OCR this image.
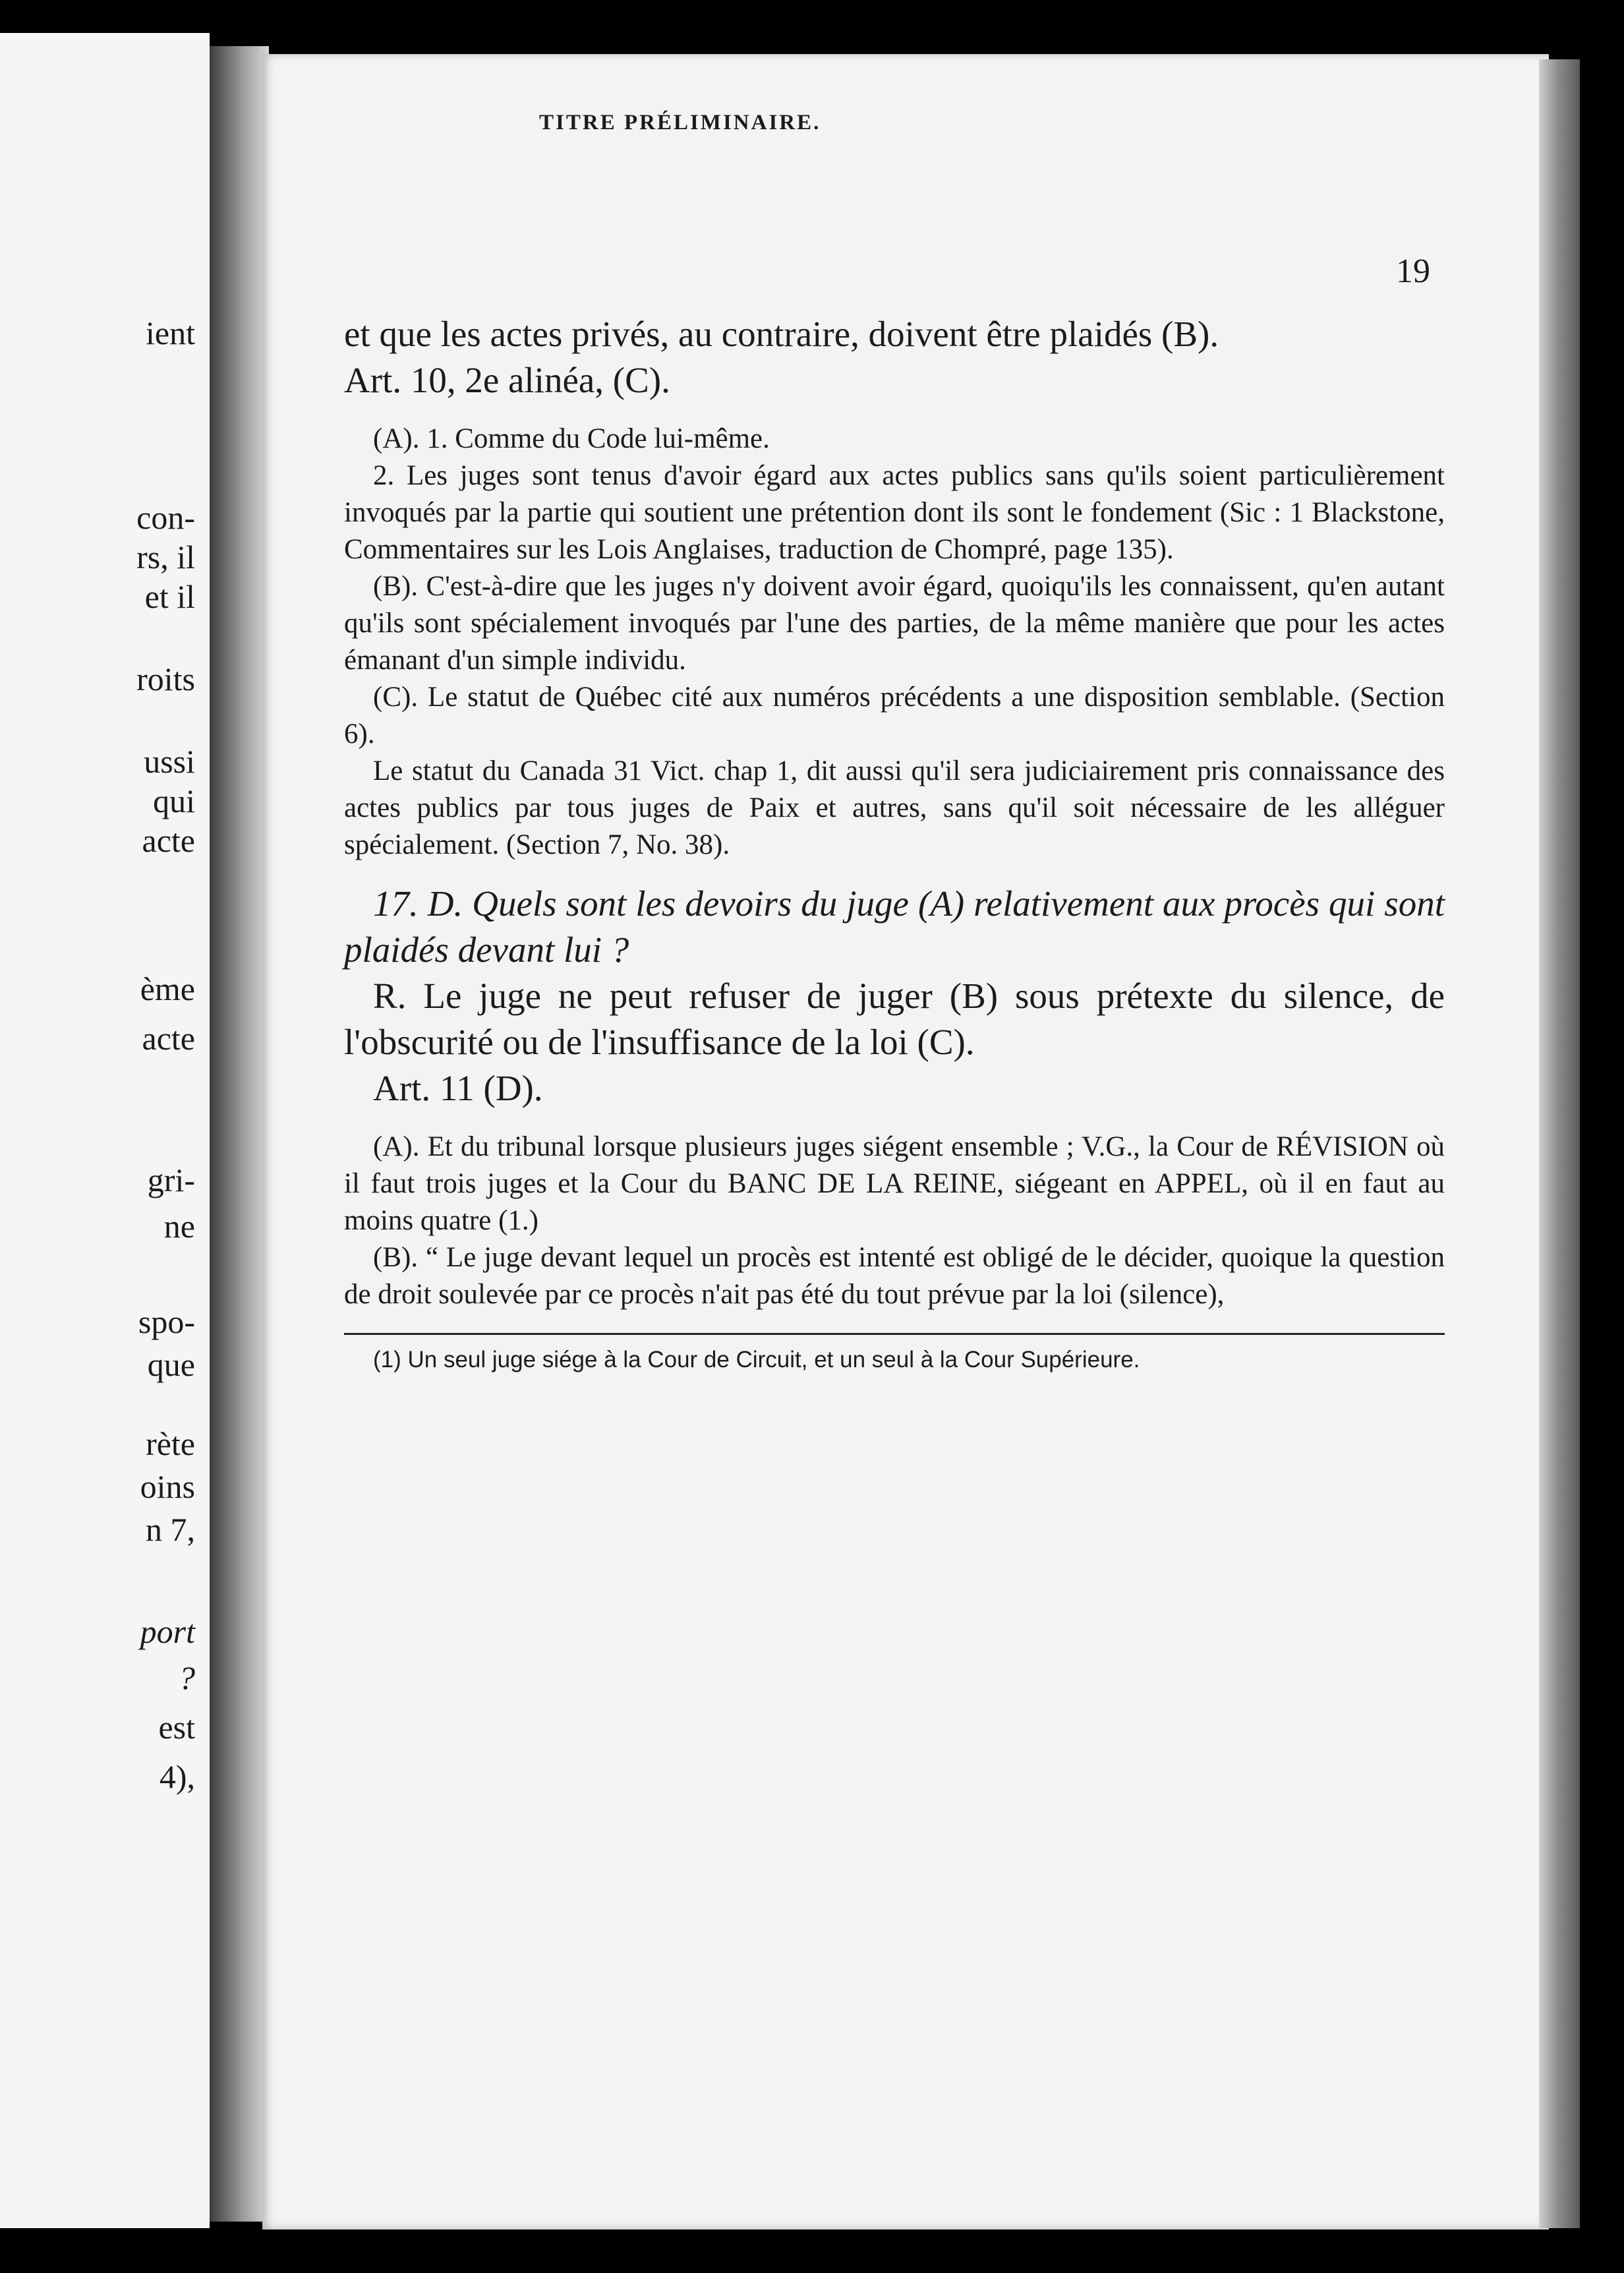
ient
con-
rs, il
et il
roits
ussi
qui
acte
ème
acte
gri-
ne
spo-
que
rète
oins
n 7,
port
?
est
4),
TITRE PRÉLIMINAIRE.
19

et que les actes privés, au contraire, doivent être plaidés (B).

Art. 10, 2e alinéa, (C).

(A). 1. Comme du Code lui-même.

2. Les juges sont tenus d'avoir égard aux actes publics sans qu'ils soient particulièrement invoqués par la partie qui soutient une prétention dont ils sont le fondement (Sic : 1 Blackstone, Commentaires sur les Lois Anglaises, traduction de Chompré, page 135).

(B). C'est-à-dire que les juges n'y doivent avoir égard, quoiqu'ils les connaissent, qu'en autant qu'ils sont spécialement invoqués par l'une des parties, de la même manière que pour les actes émanant d'un simple individu.

(C). Le statut de Québec cité aux numéros précédents a une disposition semblable. (Section 6).

Le statut du Canada 31 Vict. chap 1, dit aussi qu'il sera judiciairement pris connaissance des actes publics par tous juges de Paix et autres, sans qu'il soit nécessaire de les alléguer spécialement. (Section 7, No. 38).

17. D. Quels sont les devoirs du juge (A) relativement aux procès qui sont plaidés devant lui ?

R. Le juge ne peut refuser de juger (B) sous prétexte du silence, de l'obscurité ou de l'insuffisance de la loi (C).

Art. 11 (D).

(A). Et du tribunal lorsque plusieurs juges siégent ensemble ; V.G., la Cour de RÉVISION où il faut trois juges et la Cour du BANC DE LA REINE, siégeant en APPEL, où il en faut au moins quatre (1.)

(B). “ Le juge devant lequel un procès est intenté est obligé de le décider, quoique la question de droit soulevée par ce procès n'ait pas été du tout prévue par la loi (silence),

(1) Un seul juge siége à la Cour de Circuit, et un seul à la Cour Supérieure.
